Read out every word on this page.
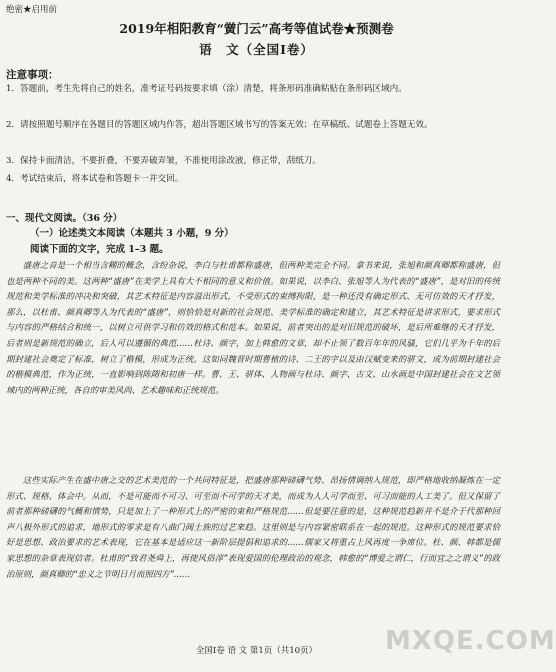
绝密★启用前
2019年相阳教育“黉门云”高考等值试卷★预测卷
语　文（全国Ⅰ卷）
注意事项：
1．答题前，考生先将自己的姓名，准考证号码按要求填（涂）清楚，将条形码准确粘贴在条形码区域内。
2．请按照题号顺序在各题目的答题区域内作答，超出答题区域书写的答案无效；在草稿纸、试题卷上答题无效。
3．保持卡面清洁，不要折叠，不要弄破弄皱，不准使用涂改液，修正带，刮纸刀。
4．考试结束后，将本试卷和答题卡一并交回。
一、现代文阅读。（36 分）
（一）论述类文本阅读（本题共 3 小题，9 分）
阅读下面的文字，完成 1–3 题。

盛唐之音是一个相当含糊的概念，含纷杂说，李白与杜甫都称盛唐，但两种美完全不同。拿书来说，张旭和颜真卿都称盛唐，但也是两种不同的美。这两种“盛唐”在美学上具有大不相同的意义和价值。如果说，以李白、张旭等人为代表的“盛唐”，是对旧的传统规范和美学标准的冲决和突破，其艺术特征是内容溢出形式，不受形式的束缚拘限，是一种还没有确定形式、无可仿效的天才抒发，那么，以杜甫、颜真卿等人为代表的“盛唐”，则恰恰是对新的社会规范、美学标准的确定和建立，其艺术特征是讲求形式，要求形式与内容的严格结合和统一，以树立可供学习和仿效的格式和范本。如果说，前者突出的是对旧规范的破坏，是后所难继的天才抒发，后者则是新规范的确立，后人可以遵循的典范……杜诗、颜字，加上韩愈的文章，却不止领了数百年年的风骚，它们几乎为千年的后期封建社会奠定了标准，树立了楷模，形成为正统。这如同魏晋时期曹植的诗、二王的字以及由汉赋变来的骈文，成为前期封建社会的楷模典范，作为正统，一直影响到陈隋和初唐一样。曹、王、骈体、人物画与杜诗、颜字、古文、山水画是中国封建社会在文艺领域内的两种正统，各自的审美风尚、艺术趣味和正统规范。

这些实际产生在盛中唐之交的艺术美范的一个共同特征是，把盛唐那种磅礴气势、昂扬情调纳入规范，即严格地收纳凝炼在一定形式、规格、体会中。从而，不是可能而不可习、可至而不可学的天才美，而成为人人可学而至、可习而能的人工美了。但又保留了前者那种磅礴的气概和情势，只是加上了一种形式上的严密的束和严格规范……但是要注意的是，这种规范趋新并不是介于代那种回声八极外形式的追求，地形式的零求是有八曲门阀士族的过艺来趋。这里则是与内容紧密联系在一起的规范。这种形式的规范要求恰好是思想、政治要求的艺术表现，它在基本是适应这一新阶层提倡和追求的……儒家又将重占上风再度一争席位。杜、颜、韩都是儒家思想的杂章表现信者。杜甫的“致君尧舜上，再使风俗淳”表现爱国的伦理政治的观念，韩愈的“博爱之谓仁，行而宜之之谓义”的政治原则，颜真卿的“忠义之节明日月而照四方”……

MXQE.COM
全国Ⅰ卷 语 文 第1页（共10页）
